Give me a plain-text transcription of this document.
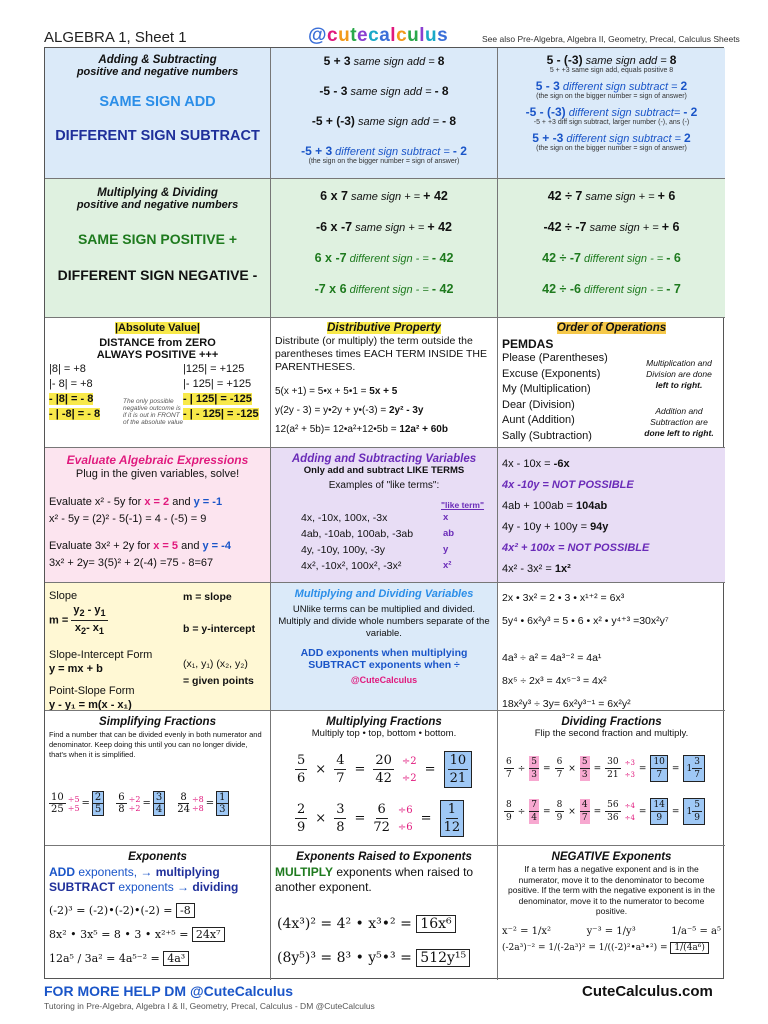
ALGEBRA 1, Sheet 1	@cutecalculus	See also Pre-Algebra, Algebra II, Geometry, Precal, Calculus Sheets
Adding & Subtracting
positive and negative numbers
SAME SIGN ADD
DIFFERENT SIGN SUBTRACT
5 + 3 same sign add = 8
-5 - 3 same sign add = - 8
-5 + (-3) same sign add = - 8
-5 + 3 different sign subtract = - 2
(the sign on the bigger number = sign of answer)
5 - (-3) same sign add = 8
5 + +3 same sign add, equals positive 8
5 - 3 different sign subtract = 2
(the sign on the bigger number = sign of answer)
-5 - (-3) different sign subtract= - 2
-5 + +3 diff sign subtract, larger number (-), ans (-)
5 + -3 different sign subtract = 2
(the sign on the bigger number = sign of answer)
Multiplying & Dividing
positive and negative numbers
SAME SIGN POSITIVE +
DIFFERENT SIGN NEGATIVE -
6 x 7 same sign + = + 42
-6 x -7 same sign + = + 42
6 x -7 different sign - = - 42
-7 x 6 different sign - = - 42
42 ÷ 7 same sign + = + 6
-42 ÷ -7 same sign + = + 6
42 ÷ -7 different sign - = - 6
42 ÷ -6 different sign - = - 7
|Absolute Value|
DISTANCE from ZERO
ALWAYS POSITIVE +++
|8| = +8	|125| = +125
|- 8| = +8	|- 125| = +125
- |8| = - 8	- | 125| = -125
- | -8| = - 8	- | - 125| = -125
The only possible negative outcome is if it is out in FRONT of the absolute value
Distributive Property
Distribute (or multiply) the term outside the parentheses times EACH TERM INSIDE THE PARENTHESES.
5(x +1) = 5•x + 5•1 = 5x + 5
y(2y - 3) = y•2y + y•(-3) = 2y² - 3y
12(a² + 5b)= 12•a²+12•5b = 12a² + 60b
Order of Operations
PEMDAS
Please (Parentheses)
Excuse (Exponents)
My (Multiplication)
Dear (Division)
Aunt (Addition)
Sally (Subtraction)
Multiplication and Division are done
left to right.
Addition and Subtraction are
done left to right.
Evaluate Algebraic Expressions
Plug in the given variables, solve!
Evaluate x² - 5y for x = 2 and y = -1
x² - 5y = (2)² - 5(-1) = 4 - (-5) = 9
Evaluate 3x² + 2y for x = 5 and y = -4
3x² + 2y= 3(5)² + 2(-4) =75 - 8=67
Adding and Subtracting Variables
Only add and subtract LIKE TERMS
Examples of "like terms":
"like term"
4x, -10x, 100x, -3x	x
4ab, -10ab, 100ab, -3ab	ab
4y, -10y, 100y, -3y	y
4x², -10x², 100x², -3x²	x²
4x - 10x = -6x
4x -10y = NOT POSSIBLE
4ab + 100ab = 104ab
4y - 10y + 100y = 94y
4x² + 100x = NOT POSSIBLE
4x² - 3x² = 1x²
Slope
$m = \frac{y_2 - y_1}{x_2- x_1}$
Slope-Intercept Form
y = mx + b
Point-Slope Form
y - y₁ = m(x - x₁)
m = slope
b = y-intercept
(x₁, y₁) (x₂, y₂)
= given points
Multiplying and Dividing Variables
UNlike terms can be multiplied and divided. Multiply and divide whole numbers separate of the variable.
ADD exponents when multiplying
SUBTRACT exponents when ÷
@CuteCalculus
2x • 3x² = 2 • 3 • x¹⁺² = 6x³
5y⁴ • 6x²y³ = 5 • 6 • x² • y⁴⁺³ =30x²y⁷
4a³ ÷ a² = 4a³⁻² = 4a¹
8x⁵ ÷ 2x³ = 4x⁵⁻³ = 4x²
18x²y³ ÷ 3y= 6x²y³⁻¹ = 6x²y²
Simplifying Fractions
Find a number that can be divided evenly in both numerator and denominator. Keep doing this until you can no longer divide, that's when it is simplified.
$\frac{10}{25} \div 5$
$\div 5 = \frac{2}{5} \frac{6}{8} \div 2$
$\div 2 = \frac{3}{4} \frac{8}{24} \div 8$
$\div 8 = \frac{1}{3}$
Multiplying Fractions
Multiply top • top, bottom • bottom.
$\frac{5}{6} \times \frac{4}{7} = \frac{20}{42} \div 2$
÷2
= $\frac{10}{21}$
$\frac{2}{9} \times \frac{3}{8} = \frac{6}{72} \div 6$
÷6
= $\frac{1}{12}$
Dividing Fractions
Flip the second fraction and multiply.
$\frac{6}{7} \div \frac{5}{3} = \frac{6}{7} \times \frac{5}{3} = \frac{30}{21} \div 3$
÷3
= $\frac{10}{7} = 1 \frac{3}{7}$
$\frac{8}{9} \div \frac{7}{4} = \frac{8}{9} \times \frac{4}{7} = \frac{56}{36} \div 4$
÷4
= $\frac{14}{9} = 1 \frac{5}{9}$
Exponents
ADD exponents, → multiplying
SUBTRACT exponents → dividing
(-2)³ = (-2)•(-2)•(-2) = -8
8x² • 3x⁵ = 8 • 3 • x²⁺⁵ = 24x⁷
12a⁵ / 3a² = 4a⁵⁻² = 4a³
Exponents Raised to Exponents
MULTIPLY exponents when raised to another exponent.
(4x³)² = 4² • x³•² = 16x⁶
(8y⁵)³ = 8³ • y⁵•³ = 512y¹⁵
NEGATIVE Exponents
If a term has a negative exponent and is in the numerator, move it to the denominator to become positive. If the term with the negative exponent is in the denominator, move it to the numerator to become positive.
x⁻² = 1/x²	y⁻³ = 1/y³	1/a⁻⁵ = a⁵
(-2a³)⁻² = 1/(-2a³)² = 1/((-2)²•a³•²) = 1/(4a⁶)
FOR MORE HELP DM @CuteCalculus
Tutoring in Pre-Algebra, Algebra I & II, Geometry, Precal, Calculus - DM @CuteCalculus
CuteCalculus.com
